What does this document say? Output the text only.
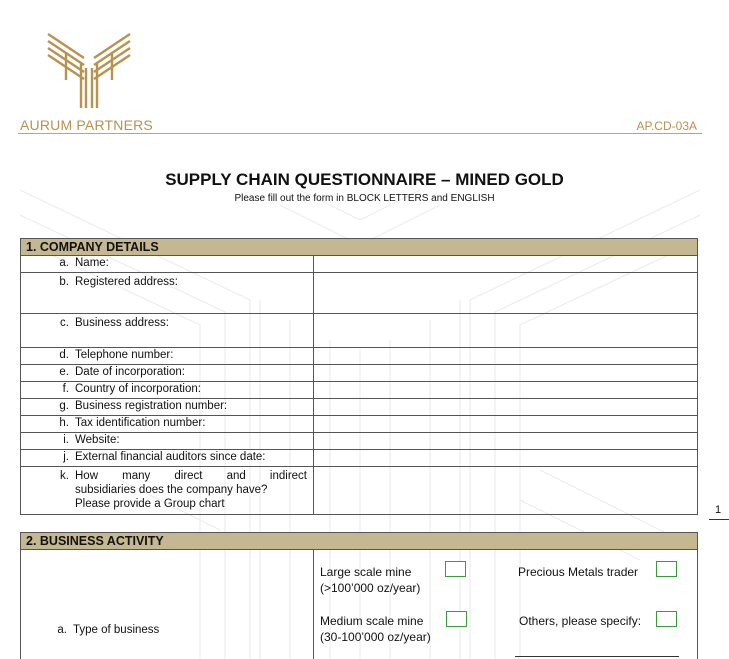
AURUM PARTNERS	AP.CD-03A
SUPPLY CHAIN QUESTIONNAIRE – MINED GOLD
Please fill out the form in BLOCK LETTERS and ENGLISH
1. COMPANY DETAILS	

a. Name:	

b. Registered address:	

c. Business address:	

d. Telephone number:	

e. Date of incorporation:	

f. Country of incorporation:	

g. Business registration number:	

h. Tax identification number:	

i. Website:	

j. External financial auditors since date:	

k. How many direct and indirect
subsidiaries does the company have?
Please provide a Group chart	

2. BUSINESS ACTIVITY

a. Type of business

Large scale mine
(>100’000 oz/year)
Precious Metals trader
Medium scale mine
(30-100’000 oz/year)
Others, please specify:
1
